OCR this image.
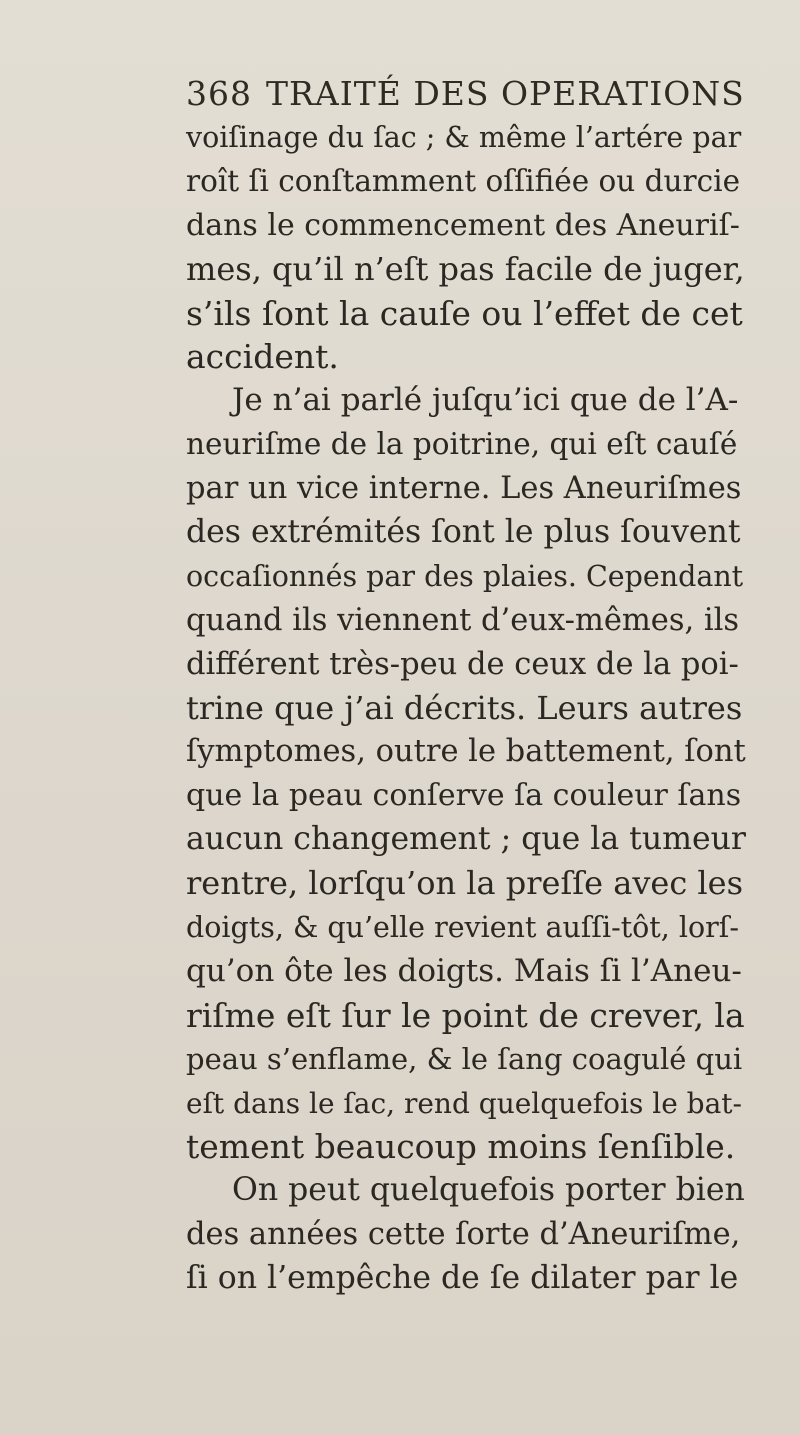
368 TRAITÉ DES OPERATIONS
voiſinage du ſac ; & même l’artére par
roît ſi conſtamment oſſifiée ou durcie
dans le commencement des Aneuriſ-
mes, qu’il n’eſt pas facile de juger,
s’ils ſont la cauſe ou l’effet de cet
accident.
Je n’ai parlé juſqu’ici que de l’A-
neuriſme de la poitrine, qui eſt cauſé
par un vice interne. Les Aneuriſmes
des extrémités ſont le plus ſouvent
occaſionnés par des plaies. Cependant
quand ils viennent d’eux-mêmes, ils
différent très-peu de ceux de la poi-
trine que j’ai décrits. Leurs autres
ſymptomes, outre le battement, ſont
que la peau conſerve ſa couleur ſans
aucun changement ; que la tumeur
rentre, lorſqu’on la preſſe avec les
doigts, & qu’elle revient auſſi-tôt, lorſ-
qu’on ôte les doigts. Mais ſi l’Aneu-
riſme eſt ſur le point de crever, la
peau s’enflame, & le ſang coagulé qui
eſt dans le ſac, rend quelquefois le bat-
tement beaucoup moins ſenſible.
On peut quelquefois porter bien
des années cette ſorte d’Aneuriſme,
ſi on l’empêche de ſe dilater par le
